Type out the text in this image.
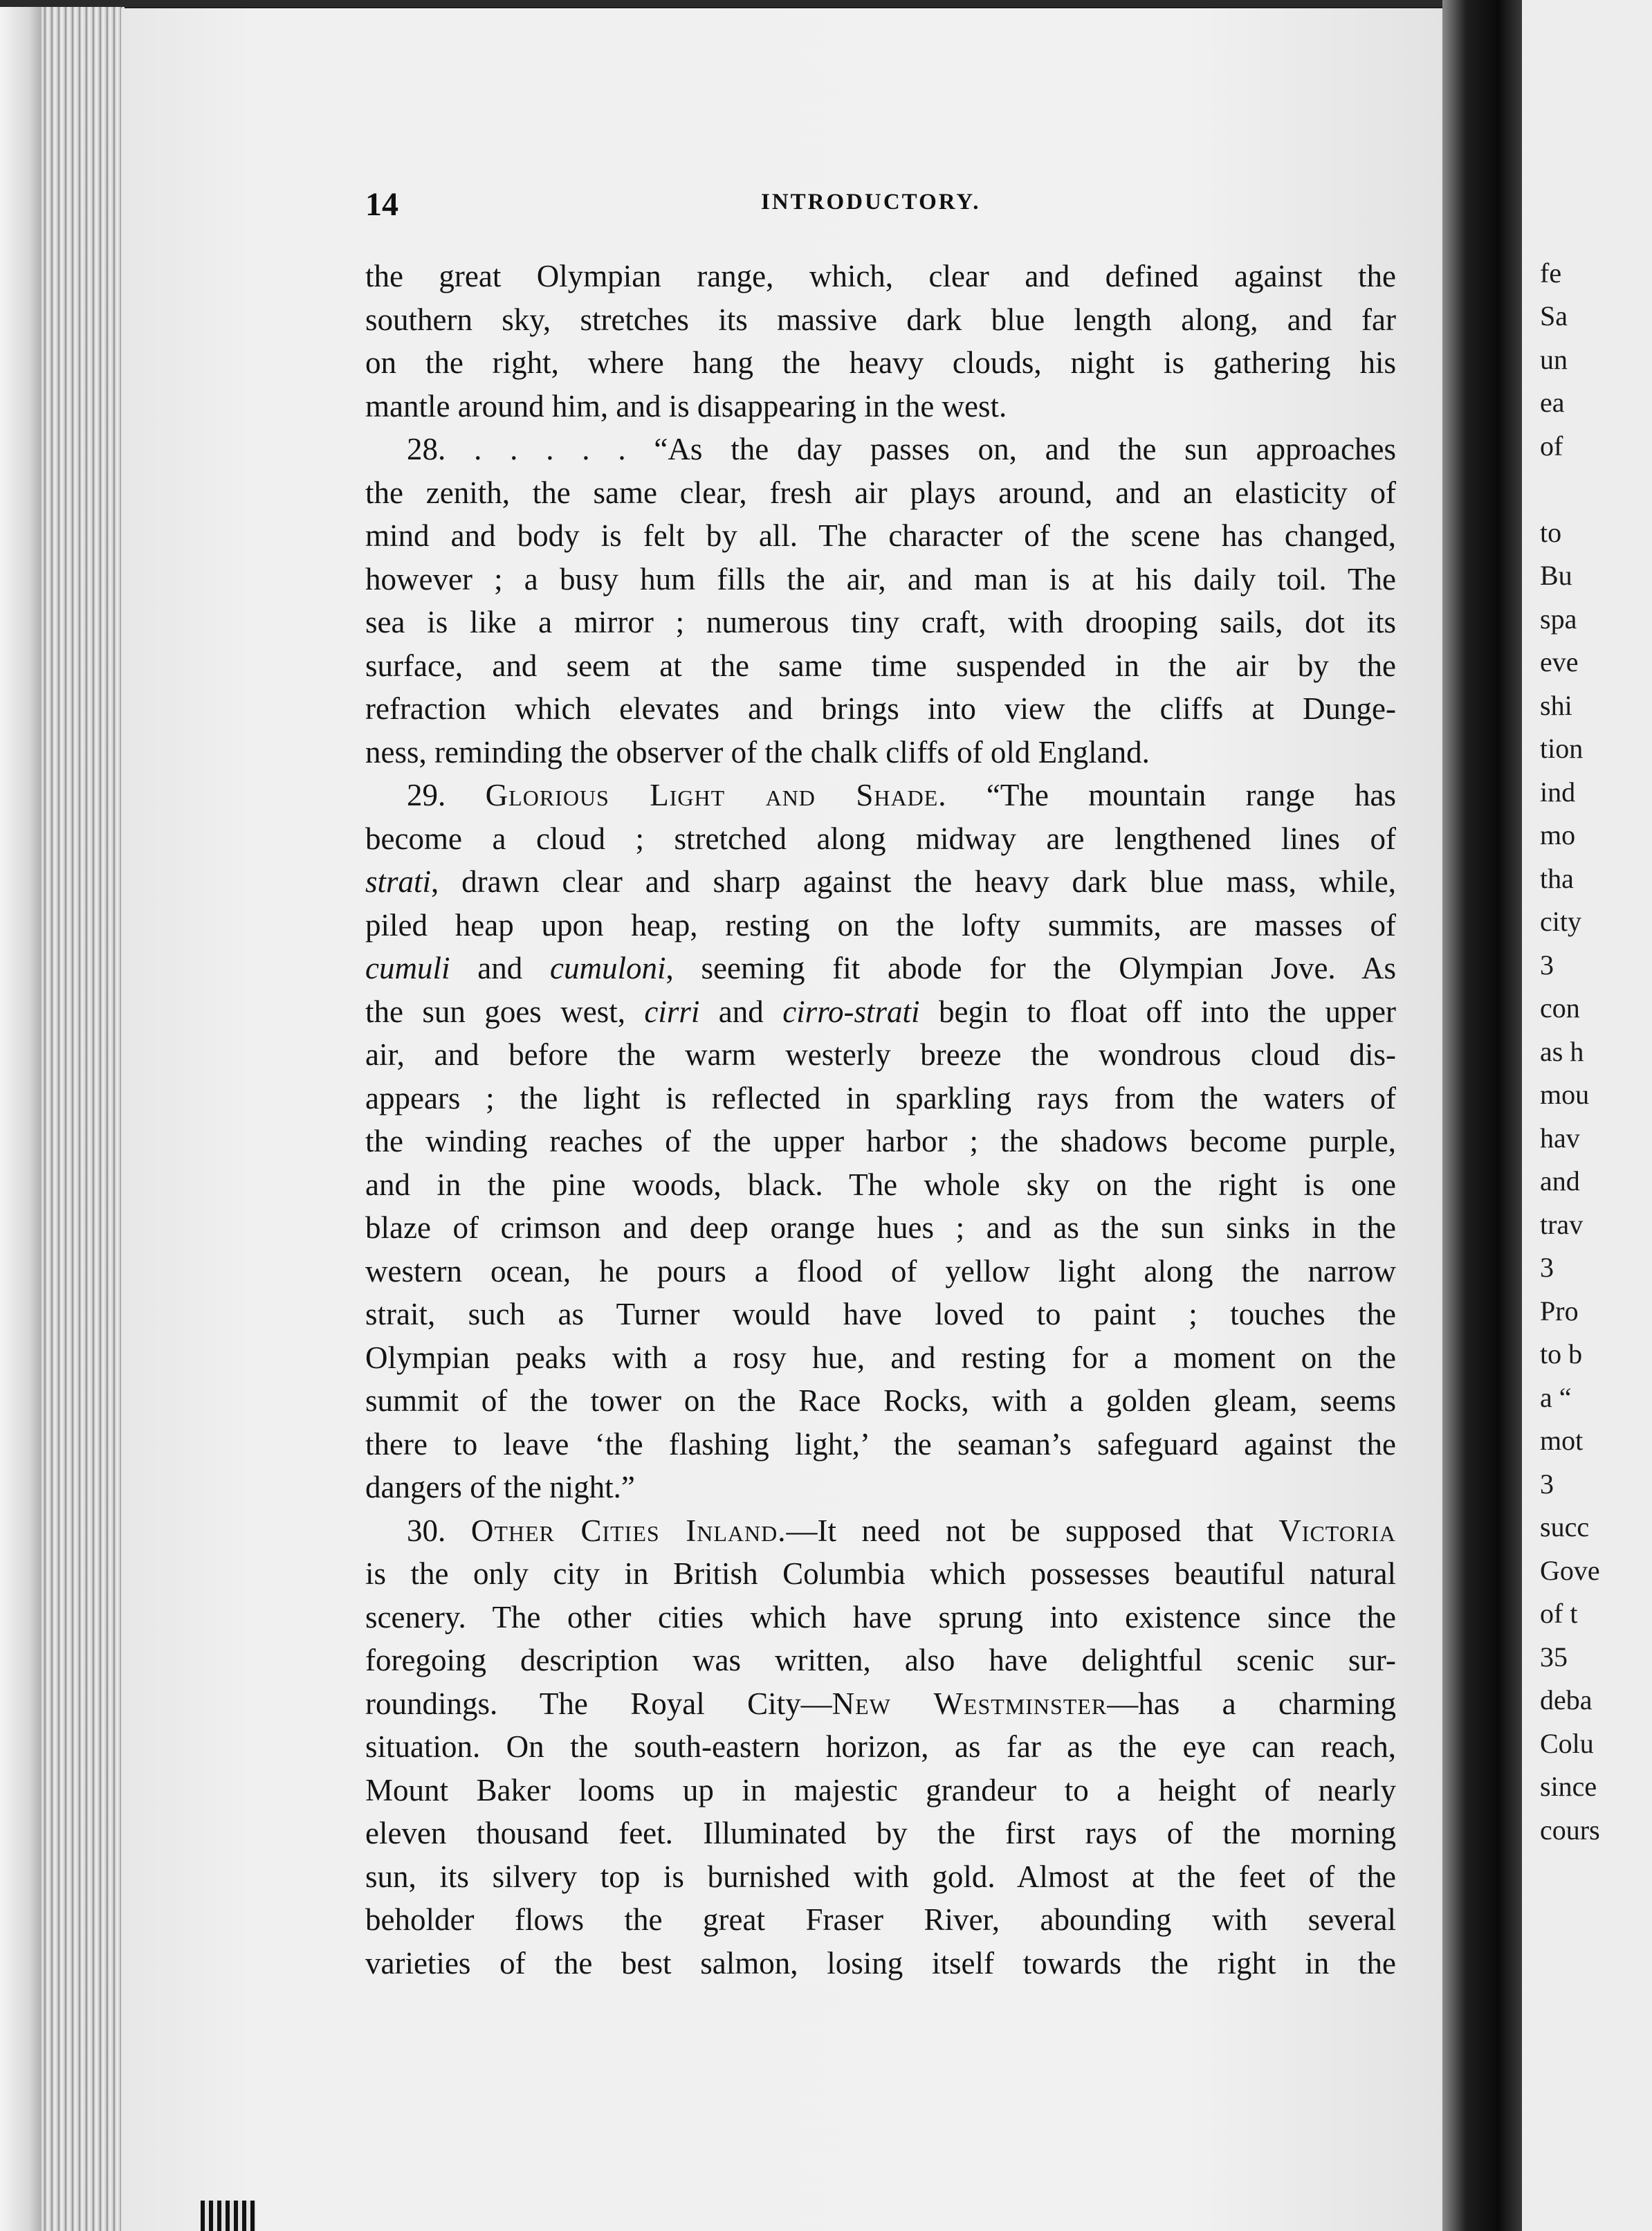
fe
Sa
un
ea
of
to
Bu
spa
eve
shi
tion
ind
mo
tha
city
3
con
as h
mou
hav
and
trav
3
Pro
to b
a “
mot
3
succ
Gove
of t
35
deba
Colu
since
cours
14	INTRODUCTORY.
the great Olympian range, which, clear and defined against the
southern sky, stretches its massive dark blue length along, and far
on the right, where hang the heavy clouds, night is gathering his
mantle around him, and is disappearing in the west.
28. . . . . . “As the day passes on, and the sun approaches
the zenith, the same clear, fresh air plays around, and an elasticity of
mind and body is felt by all. The character of the scene has changed,
however ; a busy hum fills the air, and man is at his daily toil. The
sea is like a mirror ; numerous tiny craft, with drooping sails, dot its
surface, and seem at the same time suspended in the air by the
refraction which elevates and brings into view the cliffs at Dunge-
ness, reminding the observer of the chalk cliffs of old England.
29. Glorious Light and Shade. “The mountain range has
become a cloud ; stretched along midway are lengthened lines of
strati, drawn clear and sharp against the heavy dark blue mass, while,
piled heap upon heap, resting on the lofty summits, are masses of
cumuli and cumuloni, seeming fit abode for the Olympian Jove. As
the sun goes west, cirri and cirro-strati begin to float off into the upper
air, and before the warm westerly breeze the wondrous cloud dis-
appears ; the light is reflected in sparkling rays from the waters of
the winding reaches of the upper harbor ; the shadows become purple,
and in the pine woods, black. The whole sky on the right is one
blaze of crimson and deep orange hues ; and as the sun sinks in the
western ocean, he pours a flood of yellow light along the narrow
strait, such as Turner would have loved to paint ; touches the
Olympian peaks with a rosy hue, and resting for a moment on the
summit of the tower on the Race Rocks, with a golden gleam, seems
there to leave ‘the flashing light,’ the seaman’s safeguard against the
dangers of the night.”
30. Other Cities Inland.—It need not be supposed that Victoria
is the only city in British Columbia which possesses beautiful natural
scenery. The other cities which have sprung into existence since the
foregoing description was written, also have delightful scenic sur-
roundings. The Royal City—New Westminster—has a charming
situation. On the south-eastern horizon, as far as the eye can reach,
Mount Baker looms up in majestic grandeur to a height of nearly
eleven thousand feet. Illuminated by the first rays of the morning
sun, its silvery top is burnished with gold. Almost at the feet of the
beholder flows the great Fraser River, abounding with several
varieties of the best salmon, losing itself towards the right in the
